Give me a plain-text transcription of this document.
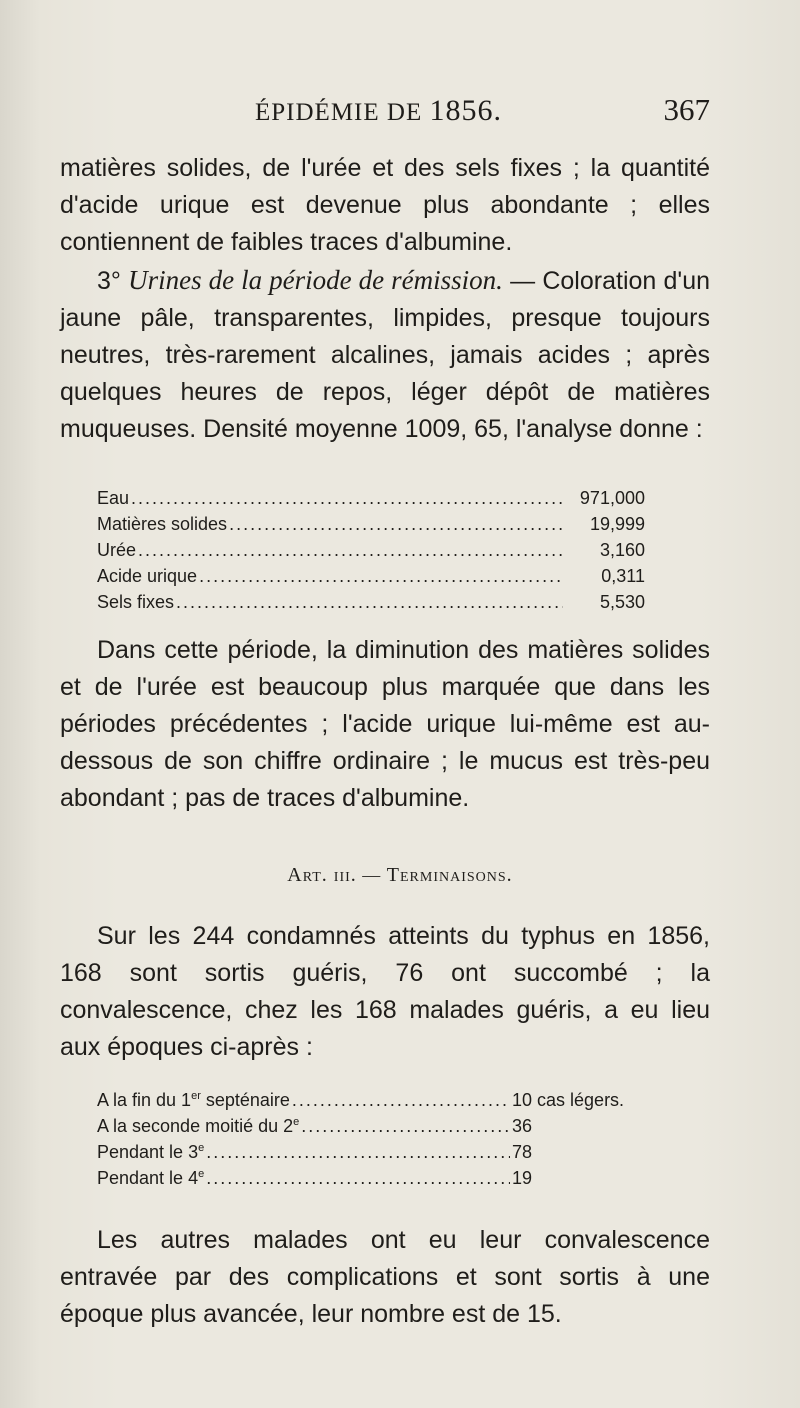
ÉPIDÉMIE DE 1856.	367

matières solides, de l'urée et des sels fixes ; la quantité d'acide urique est devenue plus abondante ; elles contiennent de faibles traces d'albumine.

3° Urines de la période de rémission. — Coloration d'un jaune pâle, transparentes, limpides, presque toujours neutres, très-rarement alcalines, jamais acides ; après quelques heures de repos, léger dépôt de matières muqueuses. Densité moyenne 1009, 65, l'analyse donne :

Eau .....	971,000
Matières solides .....	19,999
Urée .....	3,160
Acide urique .....	0,311
Sels fixes .....	5,530

Dans cette période, la diminution des matières solides et de l'urée est beaucoup plus marquée que dans les périodes précédentes ; l'acide urique lui-même est au-dessous de son chiffre ordinaire ; le mucus est très-peu abondant ; pas de traces d'albumine.

Art. iii. — Terminaisons.

Sur les 244 condamnés atteints du typhus en 1856, 168 sont sortis guéris, 76 ont succombé ; la convalescence, chez les 168 malades guéris, a eu lieu aux époques ci-après :

A la fin du 1er septénaire .....	10 cas légers.
A la seconde moitié du 2e .....	36
Pendant le 3e .....	78
Pendant le 4e .....	19

Les autres malades ont eu leur convalescence entravée par des complications et sont sortis à une époque plus avancée, leur nombre est de 15.
